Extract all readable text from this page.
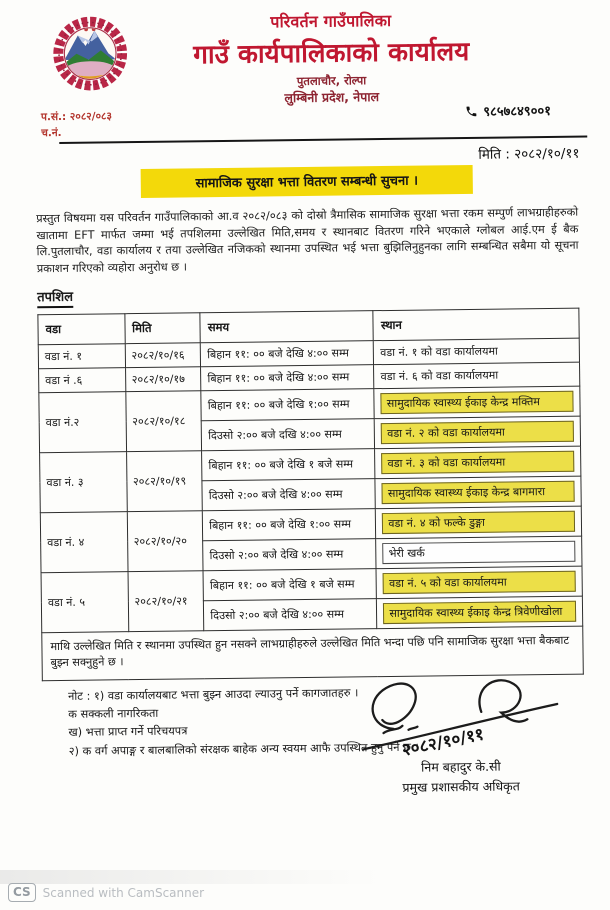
परिवर्तन गाउँपालिका
गाउँ कार्यपालिकाको कार्यालय
पुतलाचौर, रोल्पा
लुम्बिनी प्रदेश, नेपाल
प.सं.: २०८२/०८३
च.नं.
९८५७८४९००१
मिति : २०८२/१०/११
सामाजिक सुरक्षा भत्ता वितरण सम्बन्धी सुचना ।

प्रस्तुत विषयमा यस परिवर्तन गाउँपालिकाको आ.व २०८२/०८३ को दोस्रो त्रैमासिक सामाजिक सुरक्षा भत्ता रकम सम्पुर्ण लाभग्राहीहरुको खातामा EFT मार्फत जम्मा भई तपशिलमा उल्लेखित मिति,समय र स्थानबाट वितरण गरिने भएकाले ग्लोबल आई.एम ई बैक लि.पुतलाचौर, वडा कार्यालय र तया उल्लेखित नजिकको स्थानमा उपस्थित भई भत्ता बुझिलिनुहुनका लागि सम्बन्धित सबैमा यो सूचना प्रकाशन गरिएको व्यहोरा अनुरोध छ ।

तपशिल
वडा	मिति	समय	स्थान
वडा नं. १	२०८२/१०/१६	बिहान ११: ०० बजे देखि ४:०० सम्म	वडा नं. १ को वडा कार्यालयमा
वडा नं .६	२०८२/१०/१७	बिहान ११: ०० बजे देखि ४:०० सम्म	वडा नं. ६ को वडा कार्यालयमा
वडा नं.२	२०८२/१०/१८	बिहान ११: ०० बजे देखि १:०० सम्म	सामुदायिक स्वास्थ्य ईकाइ केन्द्र मक्तिम

		दिउसो २:०० बजे दखि ४:०० सम्म	वडा नं. २ को वडा कार्यालयमा

वडा नं. ३	२०८२/१०/१९	बिहान ११: ०० बजे देखि १ बजे सम्म	वडा नं. ३ को वडा कार्यालयमा

		दिउसो २:०० बजे देखि ४:०० सम्म	सामुदायिक स्वास्थ्य ईकाइ केन्द्र बागमारा

वडा नं. ४	२०८२/१०/२०	बिहान ११: ०० बजे देखि १:०० सम्म	वडा नं. ४ को फल्के डुङ्गा

		दिउसो २:०० बजे देखि ४:०० सम्म	भेरी खर्क

वडा नं. ५	२०८२/१०/२१	बिहान ११: ०० बजे देखि १ बजे सम्म	वडा नं. ५ को वडा कार्यालयमा

		दिउसो २:०० बजे देखि ४:०० सम्म	सामुदायिक स्वास्थ्य ईकाइ केन्द्र त्रिवेणीखोला

माथि उल्लेखित मिति र स्थानमा उपस्थित हुन नसक्ने लाभग्राहीहरुले उल्लेखित मिति भन्दा पछि पनि सामाजिक सुरक्षा भत्ता बैकबाट बुझ्न सक्नुहुने छ ।			
नोट : १) वडा कार्यालयबाट भत्ता बुझ्न आउदा ल्याउनु पर्ने कागजातहरु ।
क सक्कली नागरिकता
ख) भत्ता प्राप्त गर्ने परिचयपत्र
२) क वर्ग अपाङ्ग र बालबालिको संरक्षक बाहेक अन्य स्वयम आफै उपस्थित हुनु पर्ने छ ।
२०८२/१०/११
निम बहादुर के.सी
प्रमुख प्रशासकीय अधिकृत
CS	Scanned with CamScanner
